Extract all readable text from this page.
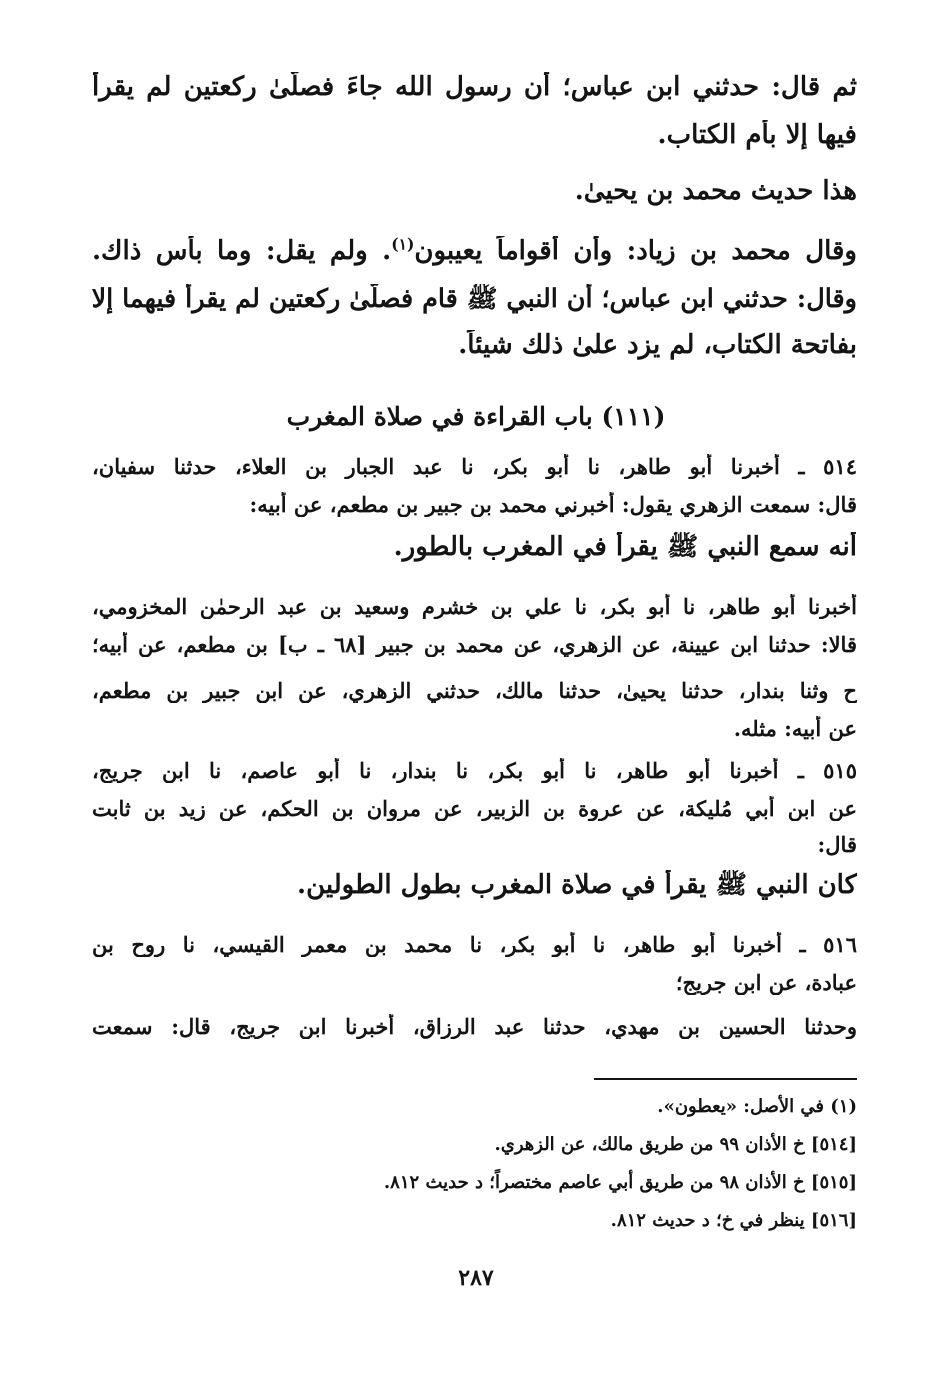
ثم قال: حدثني ابن عباس؛ أن رسول الله جاءَ فصلَّىٰ ركعتين لم يقرأ
فيها إلا بأم الكتاب.
هذا حديث محمد بن يحيىٰ.
وقال محمد بن زياد: وأن أقواماً يعيبون$^{(١)}$. ولم يقل: وما بأس ذاك.
وقال: حدثني ابن عباس؛ أن النبي ﷺ قام فصلَّىٰ ركعتين لم يقرأ فيهما إلا
بفاتحة الكتاب، لم يزد علىٰ ذلك شيئاً.
(١١١) باب القراءة في صلاة المغرب
٥١٤ ـ أخبرنا أبو طاهر، نا أبو بكر، نا عبد الجبار بن العلاء، حدثنا سفيان،
قال: سمعت الزهري يقول: أخبرني محمد بن جبير بن مطعم، عن أبيه:
أنه سمع النبي ﷺ يقرأُ في المغرب بالطور.
أخبرنا أبو طاهر، نا أبو بكر، نا علي بن خشرم وسعيد بن عبد الرحمٰن المخزومي،
قالا: حدثنا ابن عيينة، عن الزهري، عن محمد بن جبير [٦٨ ـ ب] بن مطعم، عن أبيه؛
ح وثنا بندار، حدثنا يحيىٰ، حدثنا مالك، حدثني الزهري، عن ابن جبير بن مطعم،
عن أبيه: مثله.
٥١٥ ـ أخبرنا أبو طاهر، نا أبو بكر، نا بندار، نا أبو عاصم، نا ابن جريج،
عن ابن أبي مُليكة، عن عروة بن الزبير، عن مروان بن الحكم، عن زيد بن ثابت
قال:
كان النبي ﷺ يقرأُ في صلاة المغرب بطول الطولين.
٥١٦ ـ أخبرنا أبو طاهر، نا أبو بكر، نا محمد بن معمر القيسي، نا روح بن
عبادة، عن ابن جريج؛
وحدثنا الحسين بن مهدي، حدثنا عبد الرزاق، أخبرنا ابن جريج، قال: سمعت
(١) في الأصل: «يعطون».
[٥١٤] خ الأذان ٩٩ من طريق مالك، عن الزهري.
[٥١٥] خ الأذان ٩٨ من طريق أبي عاصم مختصراً؛ د حديث ٨١٢.
[٥١٦] ينظر في خ؛ د حديث ٨١٢.
٢٨٧
